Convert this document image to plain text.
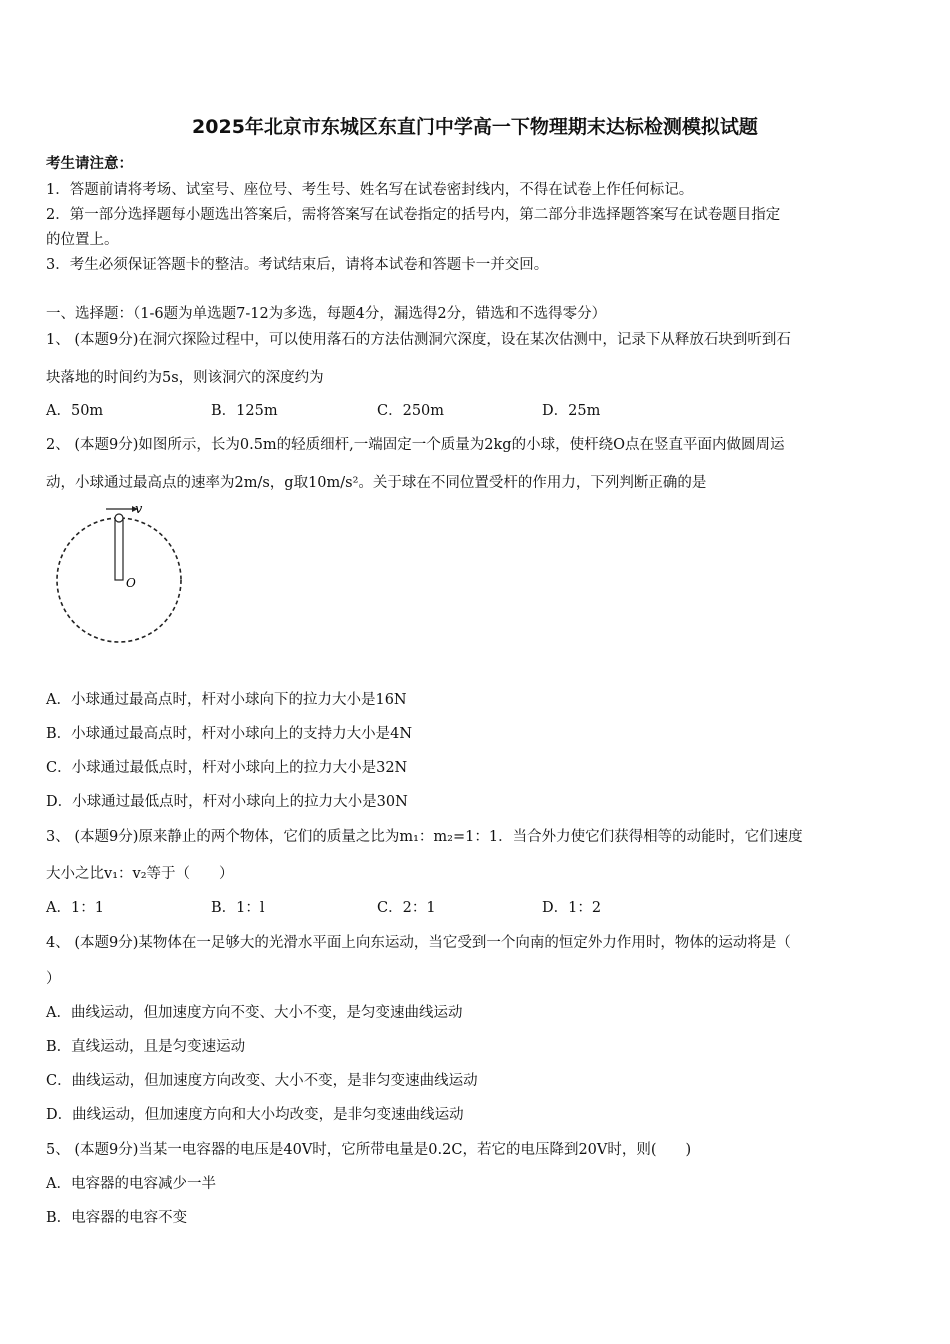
2025年北京市东城区东直门中学高一下物理期末达标检测模拟试题
考生请注意：
1．答题前请将考场、试室号、座位号、考生号、姓名写在试卷密封线内，不得在试卷上作任何标记。
2．第一部分选择题每小题选出答案后，需将答案写在试卷指定的括号内，第二部分非选择题答案写在试卷题目指定
的位置上。
3．考生必须保证答题卡的整洁。考试结束后，请将本试卷和答题卡一并交回。
一、选择题：（1-6题为单选题7-12为多选，每题4分，漏选得2分，错选和不选得零分）
1、 (本题9分)在洞穴探险过程中，可以使用落石的方法估测洞穴深度，设在某次估测中，记录下从释放石块到听到石
块落地的时间约为5s，则该洞穴的深度约为
A．50m	B．125m	C．250m	D．25m
2、 (本题9分)如图所示，长为0.5m的轻质细杆,一端固定一个质量为2kg的小球，使杆绕O点在竖直平面内做圆周运
动，小球通过最高点的速率为2m/s，g取10m/s²。关于球在不同位置受杆的作用力，下列判断正确的是
v
O
A．小球通过最高点时，杆对小球向下的拉力大小是16N
B．小球通过最高点时，杆对小球向上的支持力大小是4N
C．小球通过最低点时，杆对小球向上的拉力大小是32N
D．小球通过最低点时，杆对小球向上的拉力大小是30N
3、 (本题9分)原来静止的两个物体，它们的质量之比为m₁：m₂=1：1．当合外力使它们获得相等的动能时，它们速度
大小之比v₁：v₂等于（　　）
A．1：1	B．1：l	C．2：1	D．1：2
4、 (本题9分)某物体在一足够大的光滑水平面上向东运动，当它受到一个向南的恒定外力作用时，物体的运动将是（
）
A．曲线运动，但加速度方向不变、大小不变，是匀变速曲线运动
B．直线运动，且是匀变速运动
C．曲线运动，但加速度方向改变、大小不变，是非匀变速曲线运动
D．曲线运动，但加速度方向和大小均改变，是非匀变速曲线运动
5、 (本题9分)当某一电容器的电压是40V时，它所带电量是0.2C，若它的电压降到20V时，则(　　)
A．电容器的电容减少一半
B．电容器的电容不变
